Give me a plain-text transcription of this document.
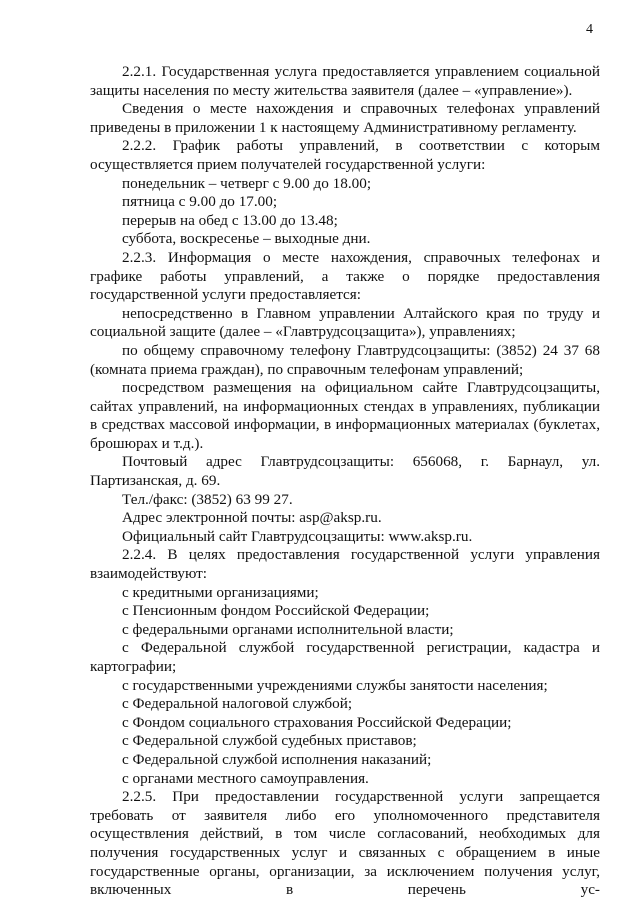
4

2.2.1. Государственная услуга предоставляется управлением социальной защиты населения по месту жительства заявителя (далее – «управление»).

Сведения о месте нахождения и справочных телефонах управлений приведены в приложении 1 к настоящему Административному регламенту.

2.2.2. График работы управлений, в соответствии с которым осуществляется прием получателей государственной услуги:

понедельник – четверг с 9.00 до 18.00;

пятница с 9.00 до 17.00;

перерыв на обед с 13.00 до 13.48;

суббота, воскресенье – выходные дни.

2.2.3. Информация о месте нахождения, справочных телефонах и графике работы управлений, а также о порядке предоставления государственной услуги предоставляется:

непосредственно в Главном управлении Алтайского края по труду и социальной защите (далее – «Главтрудсоцзащита»), управлениях;

по общему справочному телефону Главтрудсоцзащиты: (3852) 24 37 68 (комната приема граждан), по справочным телефонам управлений;

посредством размещения на официальном сайте Главтрудсоцзащиты, сайтах управлений, на информационных стендах в управлениях, публикации в средствах массовой информации, в информационных материалах (буклетах, брошюрах и т.д.).

Почтовый адрес Главтрудсоцзащиты: 656068, г. Барнаул, ул. Партизанская, д. 69.

Тел./факс: (3852) 63 99 27.

Адрес электронной почты: asp@aksp.ru.

Официальный сайт Главтрудсоцзащиты: www.aksp.ru.

2.2.4. В целях предоставления государственной услуги управления взаимодействуют:

с кредитными организациями;

с Пенсионным фондом Российской Федерации;

с федеральными органами исполнительной власти;

с Федеральной службой государственной регистрации, кадастра и картографии;

с государственными учреждениями службы занятости населения;

с Федеральной налоговой службой;

с Фондом социального страхования Российской Федерации;

с Федеральной службой судебных приставов;

с Федеральной службой исполнения наказаний;

с органами местного самоуправления.

2.2.5. При предоставлении государственной услуги запрещается требовать от заявителя либо его уполномоченного представителя осуществления действий, в том числе согласований, необходимых для получения государственных услуг и связанных с обращением в иные государственные органы, организации, за исключением получения услуг, включенных в перечень ус-
